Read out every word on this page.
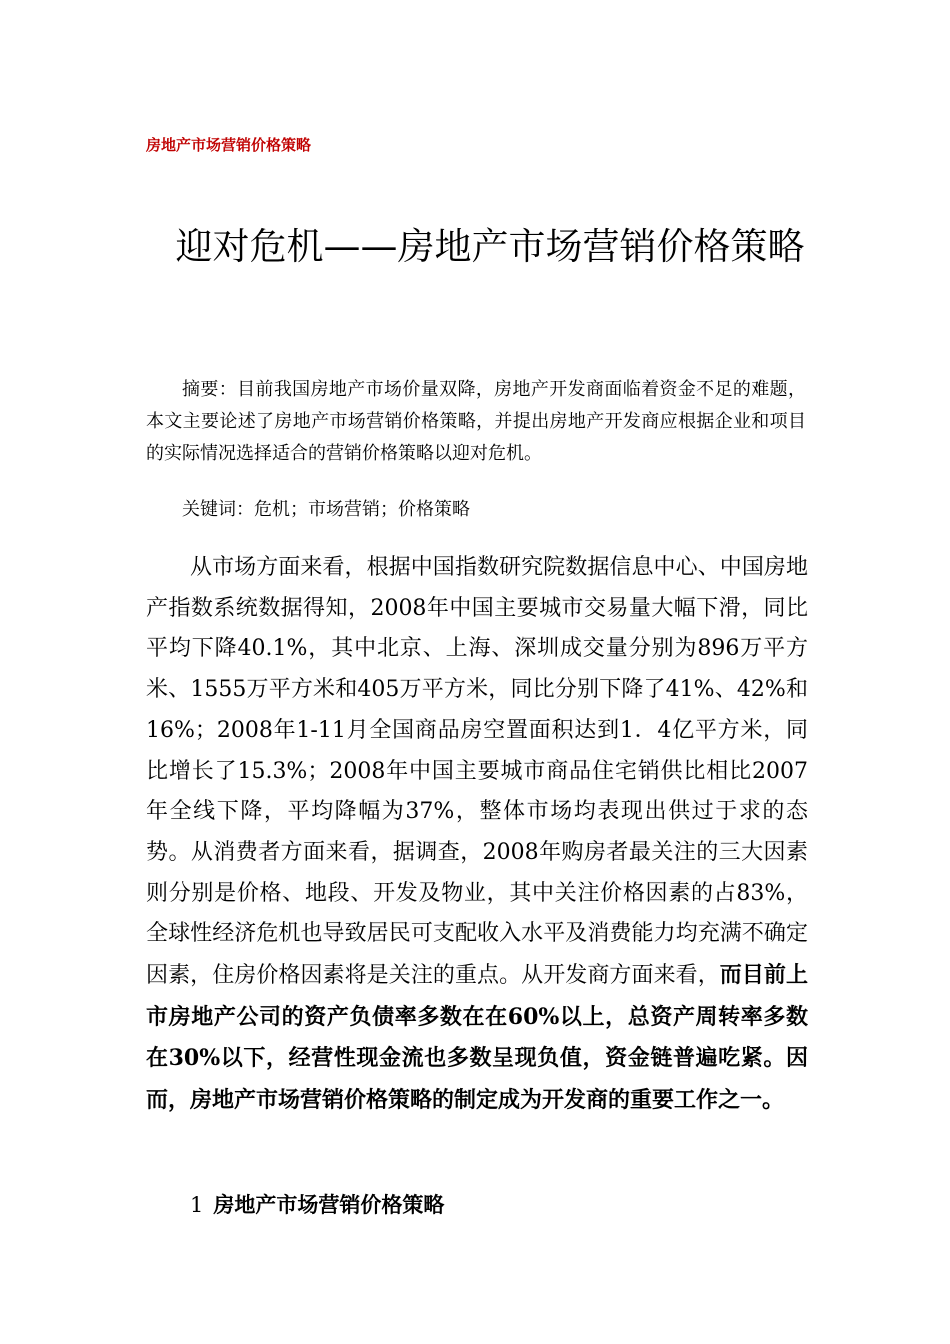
房地产市场营销价格策略
迎对危机——房地产市场营销价格策略

摘要：目前我国房地产市场价量双降，房地产开发商面临着资金不足的难题，本文主要论述了房地产市场营销价格策略，并提出房地产开发商应根据企业和项目的实际情况选择适合的营销价格策略以迎对危机。

关键词：危机；市场营销；价格策略

从市场方面来看，根据中国指数研究院数据信息中心、中国房地产指数系统数据得知，2008年中国主要城市交易量大幅下滑，同比平均下降40.1%，其中北京、上海、深圳成交量分别为896万平方米、1555万平方米和405万平方米，同比分别下降了41%、42%和16%；2008年1-11月全国商品房空置面积达到1．4亿平方米，同比增长了15.3%；2008年中国主要城市商品住宅销供比相比2007年全线下降，平均降幅为37%，整体市场均表现出供过于求的态势。从消费者方面来看，据调查，2008年购房者最关注的三大因素则分别是价格、地段、开发及物业，其中关注价格因素的占83%，全球性经济危机也导致居民可支配收入水平及消费能力均充满不确定因素，住房价格因素将是关注的重点。从开发商方面来看，而目前上市房地产公司的资产负债率多数在在60%以上，总资产周转率多数在30%以下，经营性现金流也多数呈现负值，资金链普遍吃紧。因而，房地产市场营销价格策略的制定成为开发商的重要工作之一。

1 房地产市场营销价格策略
